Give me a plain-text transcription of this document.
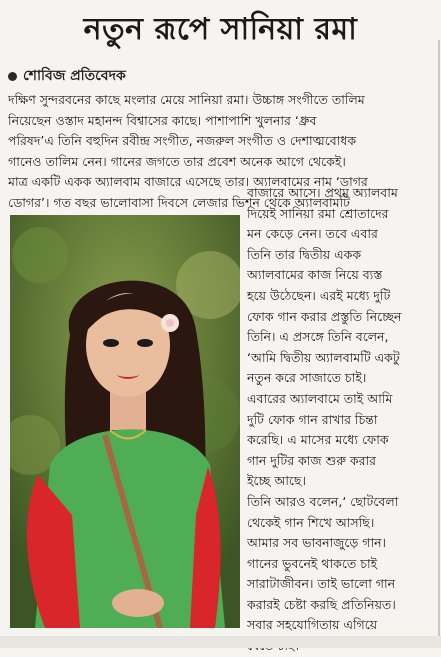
নতুন রূপে সানিয়া রমা
শোবিজ প্রতিবেদক
দক্ষিণ সুন্দরবনের কাছে মংলার মেয়ে সানিয়া রমা। উচ্চাঙ্গ সংগীতে তালিম
নিয়েছেন ওস্তাদ মহানন্দ বিশ্বাসের কাছে। পাশাপাশি খুলনার ‘ধ্রুব
পরিষদ’এ তিনি বহুদিন রবীন্দ্র সংগীত, নজরুল সংগীত ও দেশাত্মবোধক
গানেও তালিম নেন। গানের জগতে তার প্রবেশ অনেক আগে থেকেই।
মাত্র একটি একক অ্যালবাম বাজারে এসেছে তার। অ্যালবামের নাম ‘ডাগর
ডোগর’। গত বছর ভালোবাসা দিবসে লেজার ভিশন থেকে অ্যালবামটি
বাজারে আসে। প্রথম অ্যালবাম
দিয়েই সানিয়া রমা শ্রোতাদের
মন কেড়ে নেন। তবে এবার
তিনি তার দ্বিতীয় একক
অ্যালবামের কাজ নিয়ে ব্যস্ত
হয়ে উঠেছেন। এরই মধ্যে দুটি
ফোক গান করার প্রস্তুতি নিচ্ছেন
তিনি। এ প্রসঙ্গে তিনি বলেন,
‘আমি দ্বিতীয় অ্যালবামটি একটু
নতুন করে সাজাতে চাই।
এবারের অ্যালবামে তাই আমি
দুটি ফোক গান রাখার চিন্তা
করেছি। এ মাসের মধ্যে ফোক
গান দুটির কাজ শুরু করার
ইচ্ছে আছে।
তিনি আরও বলেন,‘ ছোটবেলা
থেকেই গান শিখে আসছি।
আমার সব ভাবনাজুড়ে গান।
গানের ভুবনেই থাকতে চাই
সারাটাজীবন। তাই ভালো গান
করারই চেষ্টা করছি প্রতিনিয়ত।
সবার সহযোগিতায় এগিয়ে
